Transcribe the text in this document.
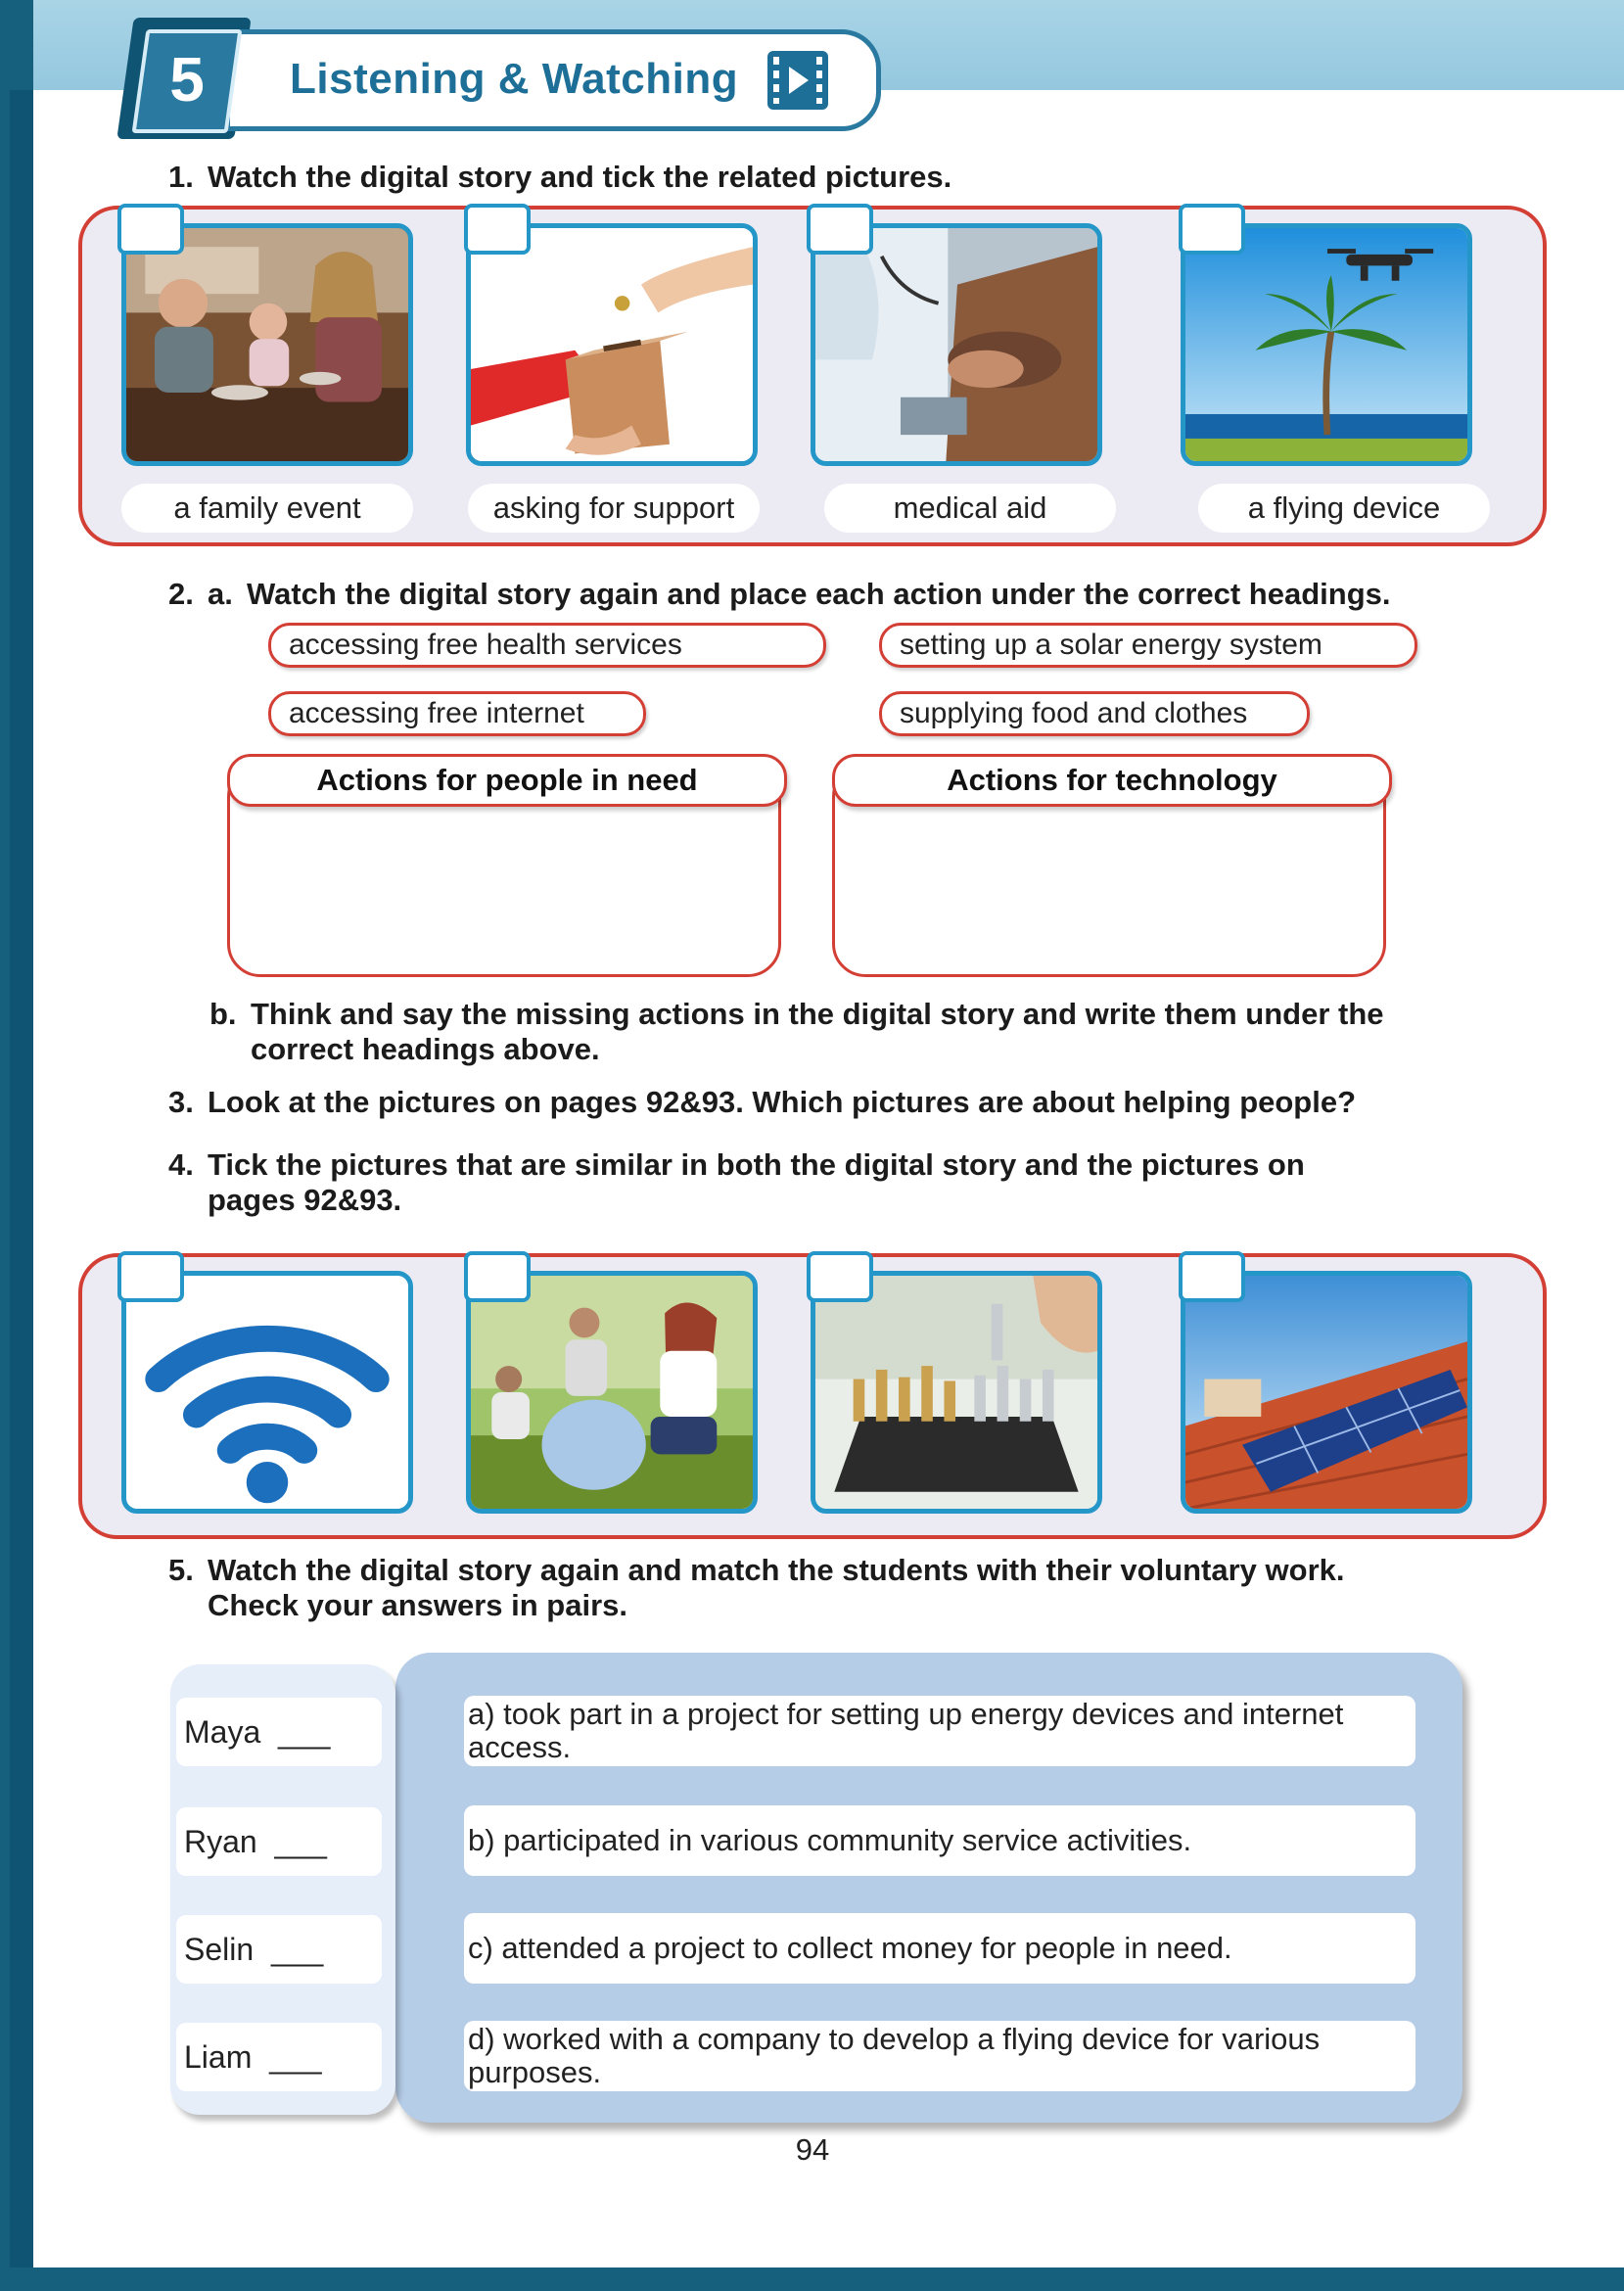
5	Listening & Watching
1. Watch the digital story and tick the related pictures.
a family event	asking for support	medical aid	a flying device
2. a. Watch the digital story again and place each action under the correct headings.
accessing free health services	setting up a solar energy system
accessing free internet	supplying food and clothes
Actions for people in need	Actions for technology
b. Think and say the missing actions in the digital story and write them under the
correct headings above.
3. Look at the pictures on pages 92&93. Which pictures are about helping people?
4. Tick the pictures that are similar in both the digital story and the pictures on
pages 92&93.
5. Watch the digital story again and match the students with their voluntary work.
Check your answers in pairs.
Maya ___
Ryan ___
Selin ___
Liam ___
a) took part in a project for setting up energy devices and internet access.
b) participated in various community service activities.
c) attended a project to collect money for people in need.
d) worked with a company to develop a flying device for various purposes.
94
